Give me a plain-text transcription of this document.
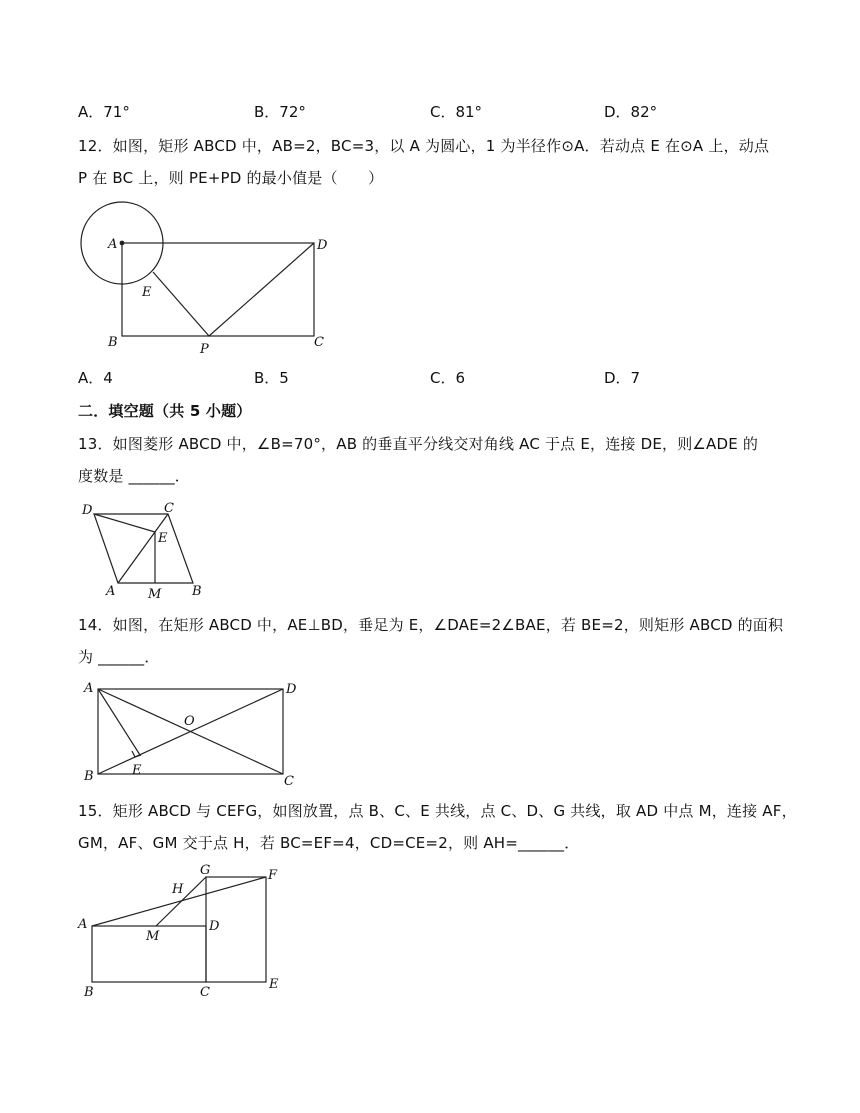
A．71°	B．72°	C．81°	D．82°
12．如图，矩形 ABCD 中，AB=2，BC=3，以 A 为圆心，1 为半径作⊙A．若动点 E 在⊙A 上，动点
P 在 BC 上，则 PE+PD 的最小值是（　　）
A	D
E
B	P	C
A．4	B．5	C．6	D．7
二．填空题（共 5 小题）
13．如图菱形 ABCD 中，∠B=70°，AB 的垂直平分线交对角线 AC 于点 E，连接 DE，则∠ADE 的
度数是 ______．
D	C
E
A	M B
14．如图，在矩形 ABCD 中，AE⊥BD，垂足为 E，∠DAE=2∠BAE，若 BE=2，则矩形 ABCD 的面积
为 ______．
A	D
O
B	E
C
15．矩形 ABCD 与 CEFG，如图放置，点 B、C、E 共线，点 C、D、G 共线，取 AD 中点 M，连接 AF，
GM，AF、GM 交于点 H，若 BC=EF=4，CD=CE=2，则 AH=______．
A
H
G	F
M
D
B	C
E
